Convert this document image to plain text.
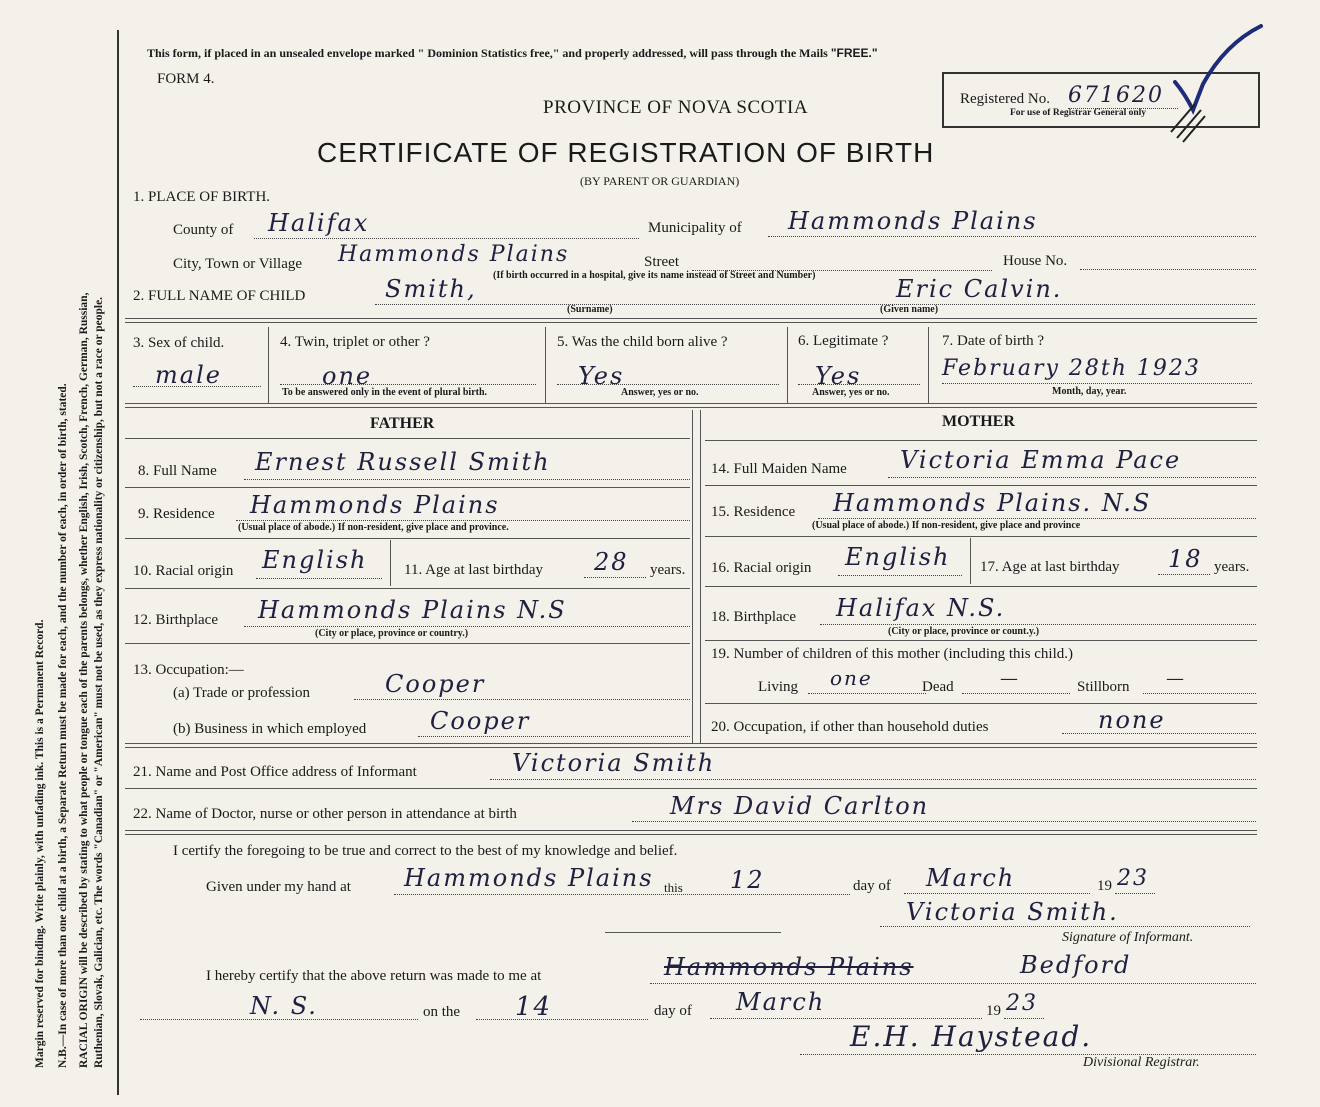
Margin reserved for binding. Write plainly, with unfading ink. This is a Permanent Record. N.B.—In case of more than one child at a birth, a Separate Return must be made for each, and the number of each, in order of birth, stated. RACIAL ORIGIN will be described by stating to what people or tongue each of the parents belongs, whether English, Irish, Scotch, French, German, Russian, Ruthenian, Slovak, Galician, etc. The words "Canadian" or "American" must not be used, as they express nationality or citizenship, but not a race or people.
This form, if placed in an unsealed envelope marked " Dominion Statistics free," and properly addressed, will pass through the Mails "FREE."
FORM 4.
PROVINCE OF NOVA SCOTIA
CERTIFICATE OF REGISTRATION OF BIRTH
(BY PARENT OR GUARDIAN)
Registered No. 671620
For use of Registrar General only
1. PLACE OF BIRTH.
County of Halifax	Municipality of Hammonds Plains
City, Town or Village Hammonds Plains	Street	House No.
(If birth occurred in a hospital, give its name instead of Street and Number)
2. FULL NAME OF CHILD	Smith,	Eric Calvin.
(Surname)	(Given name)
3. Sex of child.
male
4. Twin, triplet or other ?
one
To be answered only in the event of plural birth.
5. Was the child born alive ?
Yes
Answer, yes or no.
6. Legitimate ?
Yes
Answer, yes or no.
7. Date of birth ?
February 28th 1923
Month, day, year.
FATHER	MOTHER
8. Full Name Ernest Russell Smith
9. Residence Hammonds Plains
(Usual place of abode.) If non-resident, give place and province.
10. Racial origin English 11. Age at last birthday 28 years.
12. Birthplace Hammonds Plains N.S
(City or place, province or country.)
13. Occupation:—
(a) Trade or profession	Cooper
(b) Business in which employed	Cooper
14. Full Maiden Name Victoria Emma Pace
15. Residence Hammonds Plains. N.S
(Usual place of abode.) If non-resident, give place and province
16. Racial origin English 17. Age at last birthday 18 years.
18. Birthplace Halifax N.S.
(City or place, province or count.y.)
19. Number of children of this mother (including this child.)
Living one	Dead	—	Stillborn —
20. Occupation, if other than household duties	none
21. Name and Post Office address of Informant	Victoria Smith
22. Name of Doctor, nurse or other person in attendance at birth	Mrs David Carlton
I certify the foregoing to be true and correct to the best of my knowledge and belief.
Given under my hand at Hammonds Plains this 12	day of March	19 23
Victoria Smith.
Signature of Informant.
I hereby certify that the above return was made to me at	Hammonds Plains	Bedford
N. S.	on the 14	day of March	19 23
E.H. Haystead.
Divisional Registrar.
